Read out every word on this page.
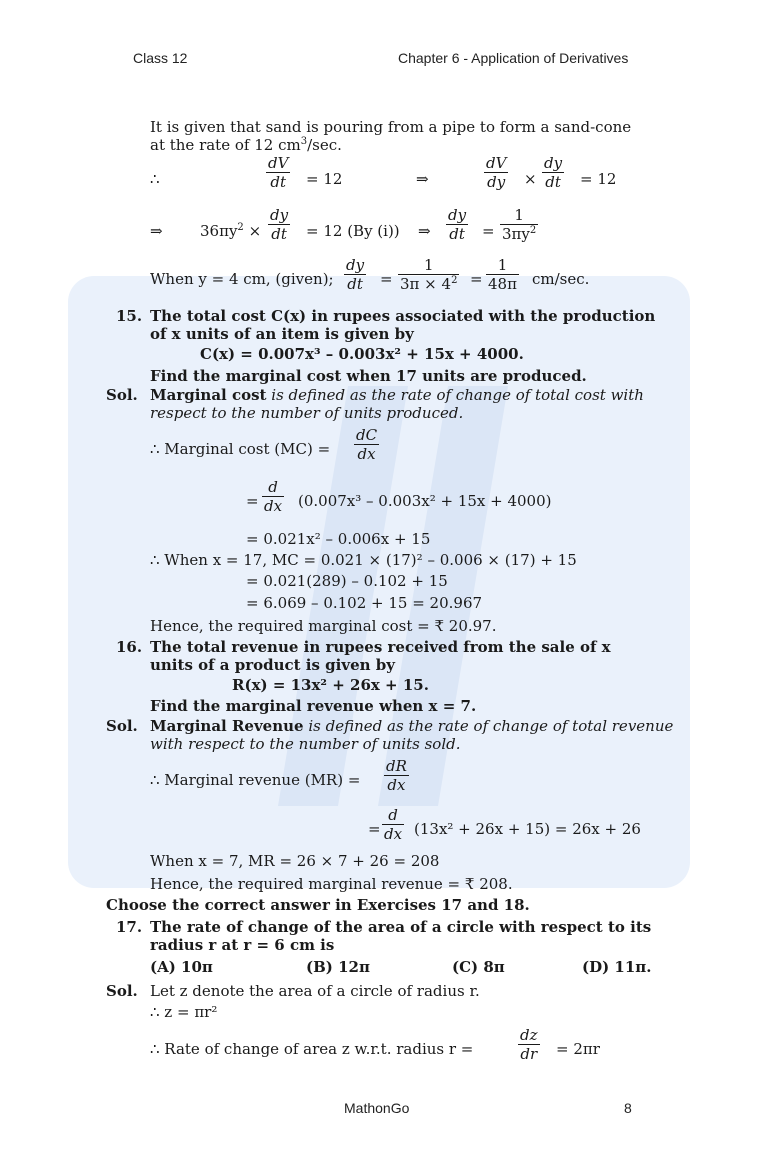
Class 12	Chapter 6 - Application of Derivatives
It is given that sand is pouring from a pipe to form a sand-cone
at the rate of 12 $cm^3/\sec$.
∴	$\frac{dV}{dt} = 12$	⇒	$\frac{dV}{dy} \times \frac{dy}{dt} = 12$
⇒ $36\pi y^2 \times \frac{dy}{dt} = 12$ (By (i)) ⇒ $\frac{dy}{dt} = \frac{1}{3\pi y^2}$
When y = 4 cm, (given); $\frac{dy}{dt} = \frac{1}{3\pi \times 4^2} = \frac{1}{48\pi} cm/\sec$.
15. The total cost C(x) in rupees associated with the production
of x units of an item is given by
C(x) = 0.007x³ – 0.003x² + 15x + 4000.
Find the marginal cost when 17 units are produced.
Sol. Marginal cost is defined as the rate of change of total cost with
respect to the number of units produced.
∴ Marginal cost $(MC) = \frac{dC}{dx}$
= $\frac{d}{dx} (0.007x^3 - 0.003x^2 + 15x + 4000)$
= 0.021x² – 0.006x + 15
∴ When x = 17, MC = 0.021 × (17)² – 0.006 × (17) + 15
= 0.021(289) – 0.102 + 15
= 6.069 – 0.102 + 15 = 20.967
Hence, the required marginal cost = ₹ 20.97.
16. The total revenue in rupees received from the sale of x
units of a product is given by
R(x) = 13x² + 26x + 15.
Find the marginal revenue when x = 7.
Sol. Marginal Revenue is defined as the rate of change of total revenue
with respect to the number of units sold.
∴ Marginal revenue $(MR) = \frac{dR}{dx}$
= $\frac{d}{dx} (13x^2 + 26x + 15) = 26x + 26$
When x = 7, MR = 26 × 7 + 26 = 208
Hence, the required marginal revenue = ₹ 208.
Choose the correct answer in Exercises 17 and 18.
17. The rate of change of the area of a circle with respect to its
radius r at r = 6 cm is
(A) 10π	(B) 12π	(C) 8π	(D) 11π.
Sol. Let z denote the area of a circle of radius r.
∴ z = πr²
∴ Rate of change of area z w.r.t. radius r =	$\frac{dz}{dr} = 2\pi r$
MathonGo	8
